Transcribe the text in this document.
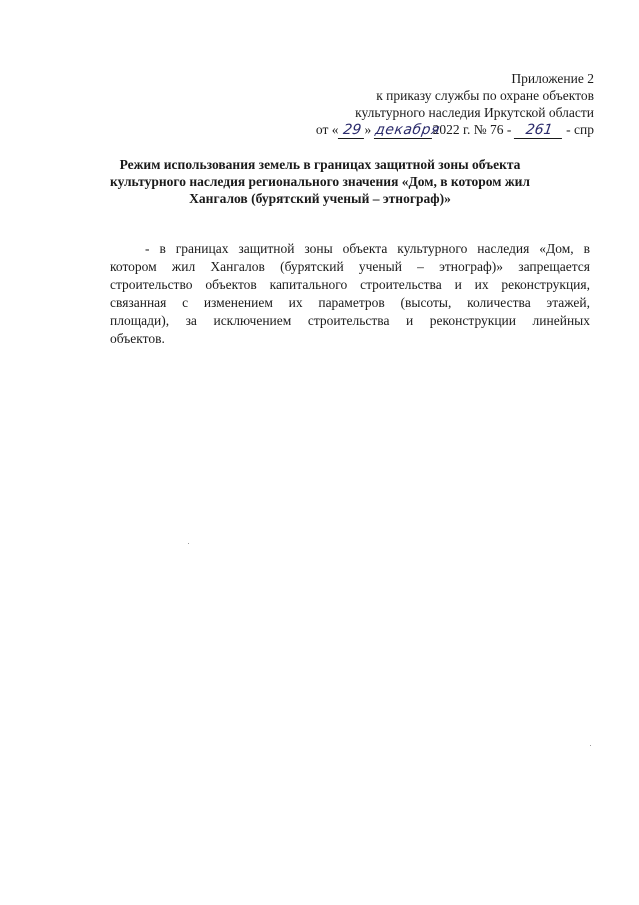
Приложение 2
к приказу службы по охране объектов
культурного наследия Иркутской области
от « 29 » декабря2022 г. № 76 - 261 - спр
Режим использования земель в границах защитной зоны объекта
культурного наследия регионального значения «Дом, в котором жил
Хангалов (бурятский ученый – этнограф)»
- в границах защитной зоны объекта культурного наследия «Дом, в
котором жил Хангалов (бурятский ученый – этнограф)» запрещается
строительство объектов капитального строительства и их реконструкция,
связанная с изменением их параметров (высоты, количества этажей,
площади), за исключением строительства и реконструкции линейных
объектов.
